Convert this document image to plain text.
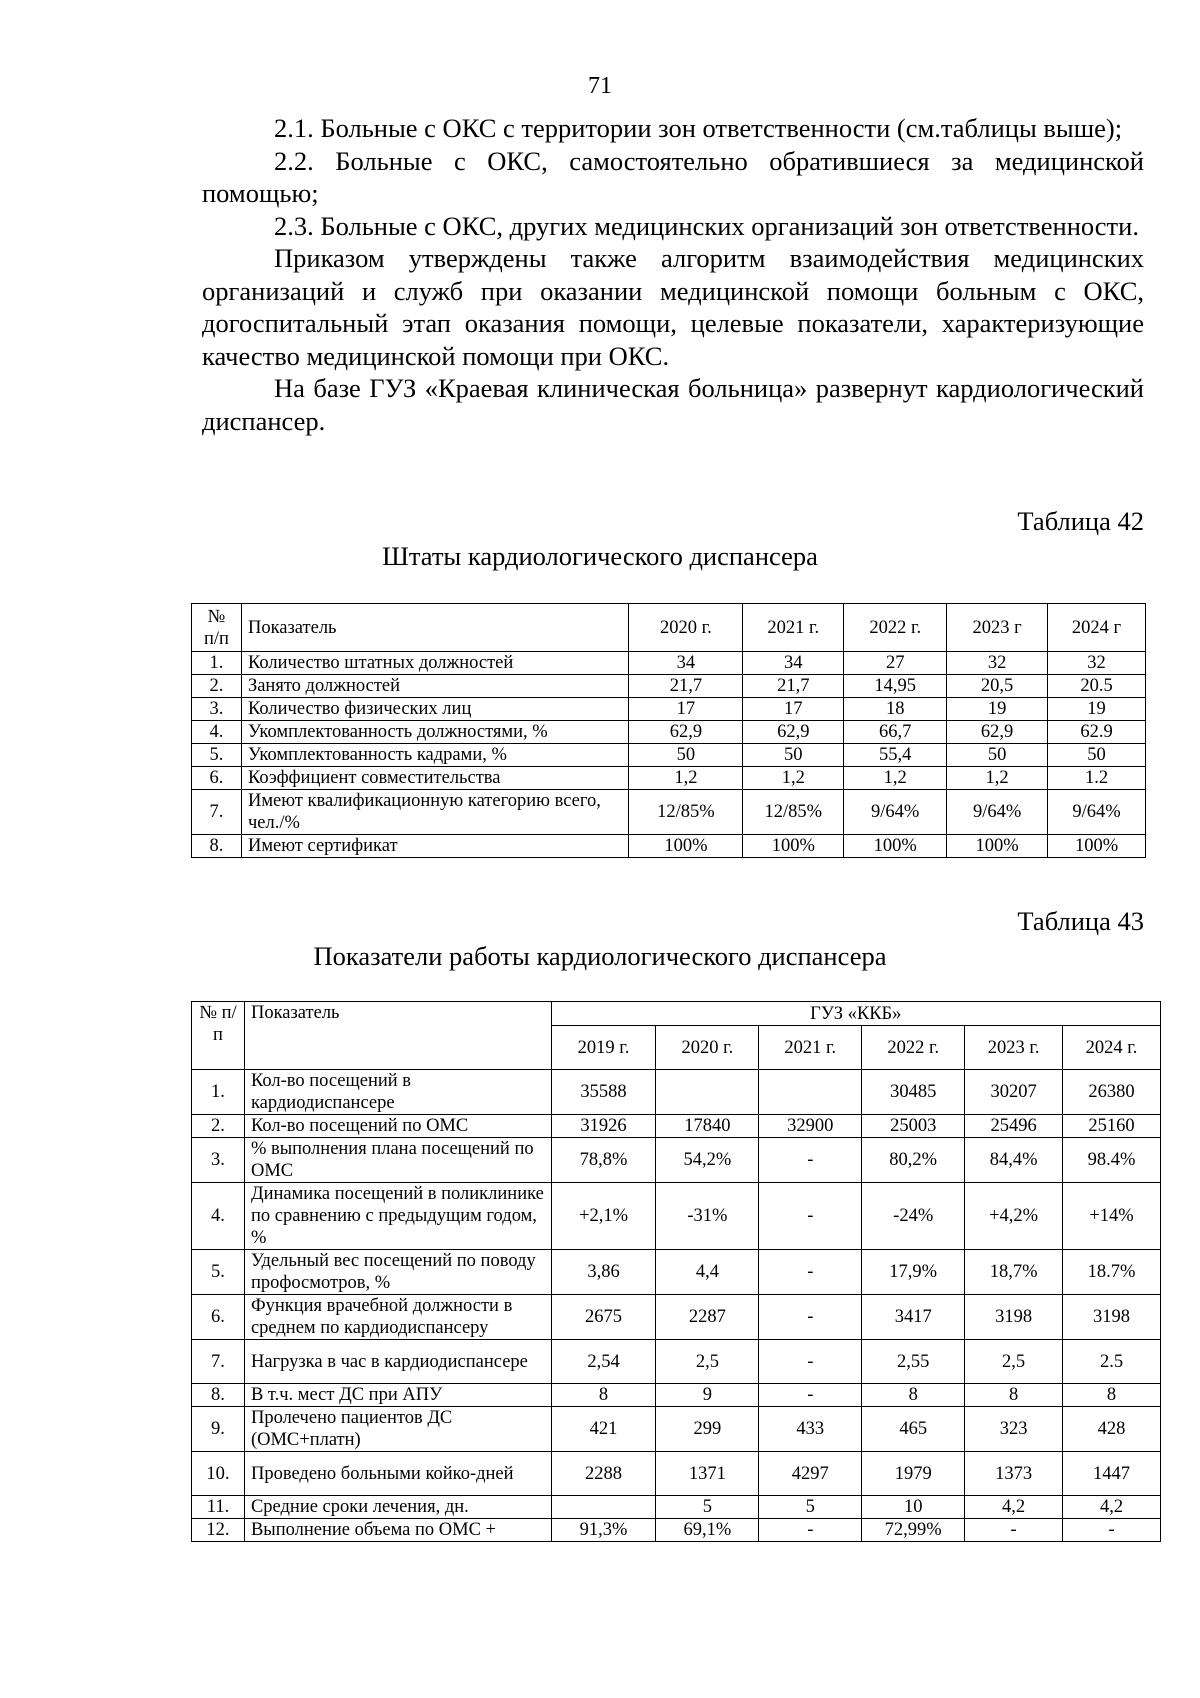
71

2.1. Больные с ОКС с территории зон ответственности (см.таблицы выше);

2.2. Больные с ОКС, самостоятельно обратившиеся за медицинской помощью;

2.3. Больные с ОКС, других медицинских организаций зон ответственности.

Приказом утверждены также алгоритм взаимодействия медицинских организаций и служб при оказании медицинской помощи больным с ОКС, догоспитальный этап оказания помощи, целевые показатели, характеризующие качество медицинской помощи при ОКС.

На базе ГУЗ «Краевая клиническая больница» развернут кардиологический диспансер.

Таблица 42
Штаты кардиологического диспансера
№ п/п	Показатель	2020 г.	2021 г.	2022 г.	2023 г	2024 г
1.	Количество штатных должностей	34	34	27	32	32
2.	Занято должностей	21,7	21,7	14,95	20,5	20.5
3.	Количество физических лиц	17	17	18	19	19
4.	Укомплектованность должностями, %	62,9	62,9	66,7	62,9	62.9
5.	Укомплектованность кадрами, %	50	50	55,4	50	50
6.	Коэффициент совместительства	1,2	1,2	1,2	1,2	1.2
7.	Имеют квалификационную категорию всего, чел./%	12/85%	12/85%	9/64%	9/64%	9/64%
8.	Имеют сертификат	100%	100%	100%	100%	100%
Таблица 43
Показатели работы кардиологического диспансера
№ п/п	Показатель	ГУЗ «ККБ»					
		2019 г.	2020 г.	2021 г.	2022 г.	2023 г.	2024 г.
1.	Кол-во посещений в кардиодиспансере	35588			30485	30207	26380
2.	Кол-во посещений по ОМС	31926	17840	32900	25003	25496	25160
3.	% выполнения плана посещений по ОМС	78,8%	54,2%	-	80,2%	84,4%	98.4%
4.	Динамика посещений в поликлинике по сравнению с предыдущим годом, %	+2,1%	-31%	-	-24%	+4,2%	+14%
5.	Удельный вес посещений по поводу профосмотров, %	3,86	4,4	-	17,9%	18,7%	18.7%
6.	Функция врачебной должности в среднем по кардиодиспансеру	2675	2287	-	3417	3198	3198
7.	Нагрузка в час в кардиодиспансере	2,54	2,5	-	2,55	2,5	2.5
8.	В т.ч. мест ДС при АПУ	8	9	-	8	8	8
9.	Пролечено пациентов ДС (ОМС+платн)	421	299	433	465	323	428
10.	Проведено больными койко-дней	2288	1371	4297	1979	1373	1447
11.	Средние сроки лечения, дн.		5	5	10	4,2	4,2
12.	Выполнение объема по ОМС +	91,3%	69,1%	-	72,99%	-	-
